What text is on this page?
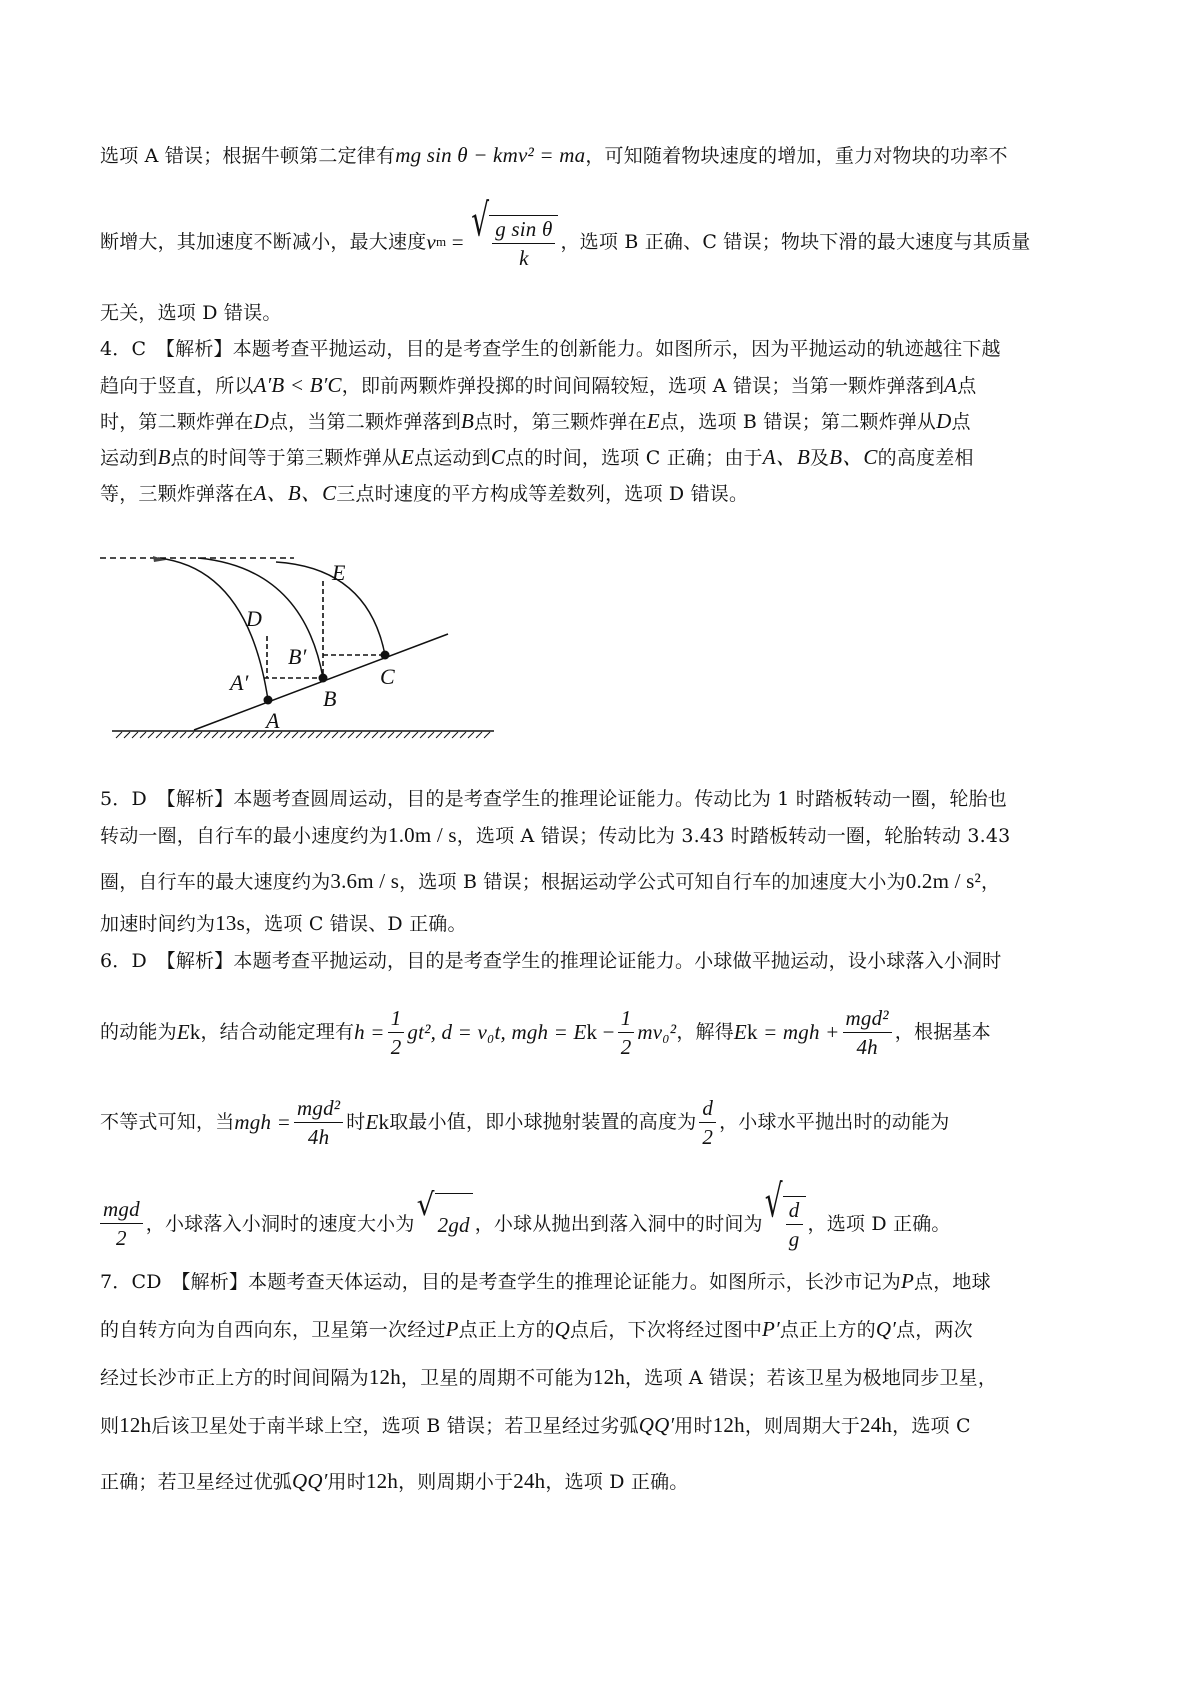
选项 A 错误；根据牛顿第二定律有mg sin θ − kmv² = ma，可知随着物块速度的增加，重力对物块的功率不
断增大，其加速度不断减小，最大速度 v m = √ $\frac{\text{g sin θ}}{k}$ ，选项 B 正确、C 错误；物块下滑的最大速度与其质量
无关，选项 D 错误。
4．C　【解析】本题考查平抛运动，目的是考查学生的创新能力。如图所示，因为平抛运动的轨迹越往下越
趋向于竖直，所以A′B < B′C，即前两颗炸弹投掷的时间间隔较短，选项 A 错误；当第一颗炸弹落到A点
时，第二颗炸弹在D点，当第二颗炸弹落到B点时，第三颗炸弹在E点，选项 B 错误；第二颗炸弹从D点
运动到B点的时间等于第三颗炸弹从E点运动到C点的时间，选项 C 正确；由于A、B及B、C的高度差相
等，三颗炸弹落在A、B、C三点时速度的平方构成等差数列，选项 D 错误。
D
E
B′
C
A′
A
B
5．D　【解析】本题考查圆周运动，目的是考查学生的推理论证能力。传动比为 1 时踏板转动一圈，轮胎也
转动一圈，自行车的最小速度约为1.0m / s，选项 A 错误；传动比为 3.43 时踏板转动一圈，轮胎转动 3.43
圈，自行车的最大速度约为3.6m / s，选项 B 错误；根据运动学公式可知自行车的加速度大小为0.2m / s²，
加速时间约为13s，选项 C 错误、D 正确。
6．D　【解析】本题考查平抛运动，目的是考查学生的推理论证能力。小球做平抛运动，设小球落入小洞时
的动能为 E k ，结合动能定理有 $h = \frac{1}{2} gt^2$, d = v₀t, mgh = E k
− $\frac{1}{2} mv_0^2$ ，解得 E k
= mgh + $\frac{\text{mgd²}}{4h}$ ，根据基本
不等式可知，当 mgh = $\frac{\text{mgd²}}{4h}$ 时 E k 取最小值，即小球抛射装置的高度为 $\frac{d}{2}$ ，小球水平抛出时的动能为
$\frac{\text{mgd}}{2}$ ，小球落入小洞时的速度大小为
√
2gd ，小球从抛出到落入洞中的时间为 √ $\frac{d}{g}$ ，选项 D 正确。
7．CD　【解析】本题考查天体运动，目的是考查学生的推理论证能力。如图所示，长沙市记为P点，地球
的自转方向为自西向东，卫星第一次经过P点正上方的Q点后，下次将经过图中P′点正上方的Q′点，两次
经过长沙市正上方的时间间隔为12h，卫星的周期不可能为12h，选项 A 错误；若该卫星为极地同步卫星，
则12h后该卫星处于南半球上空，选项 B 错误；若卫星经过劣弧QQ′用时12h，则周期大于24h，选项 C
正确；若卫星经过优弧QQ′用时12h，则周期小于24h，选项 D 正确。
